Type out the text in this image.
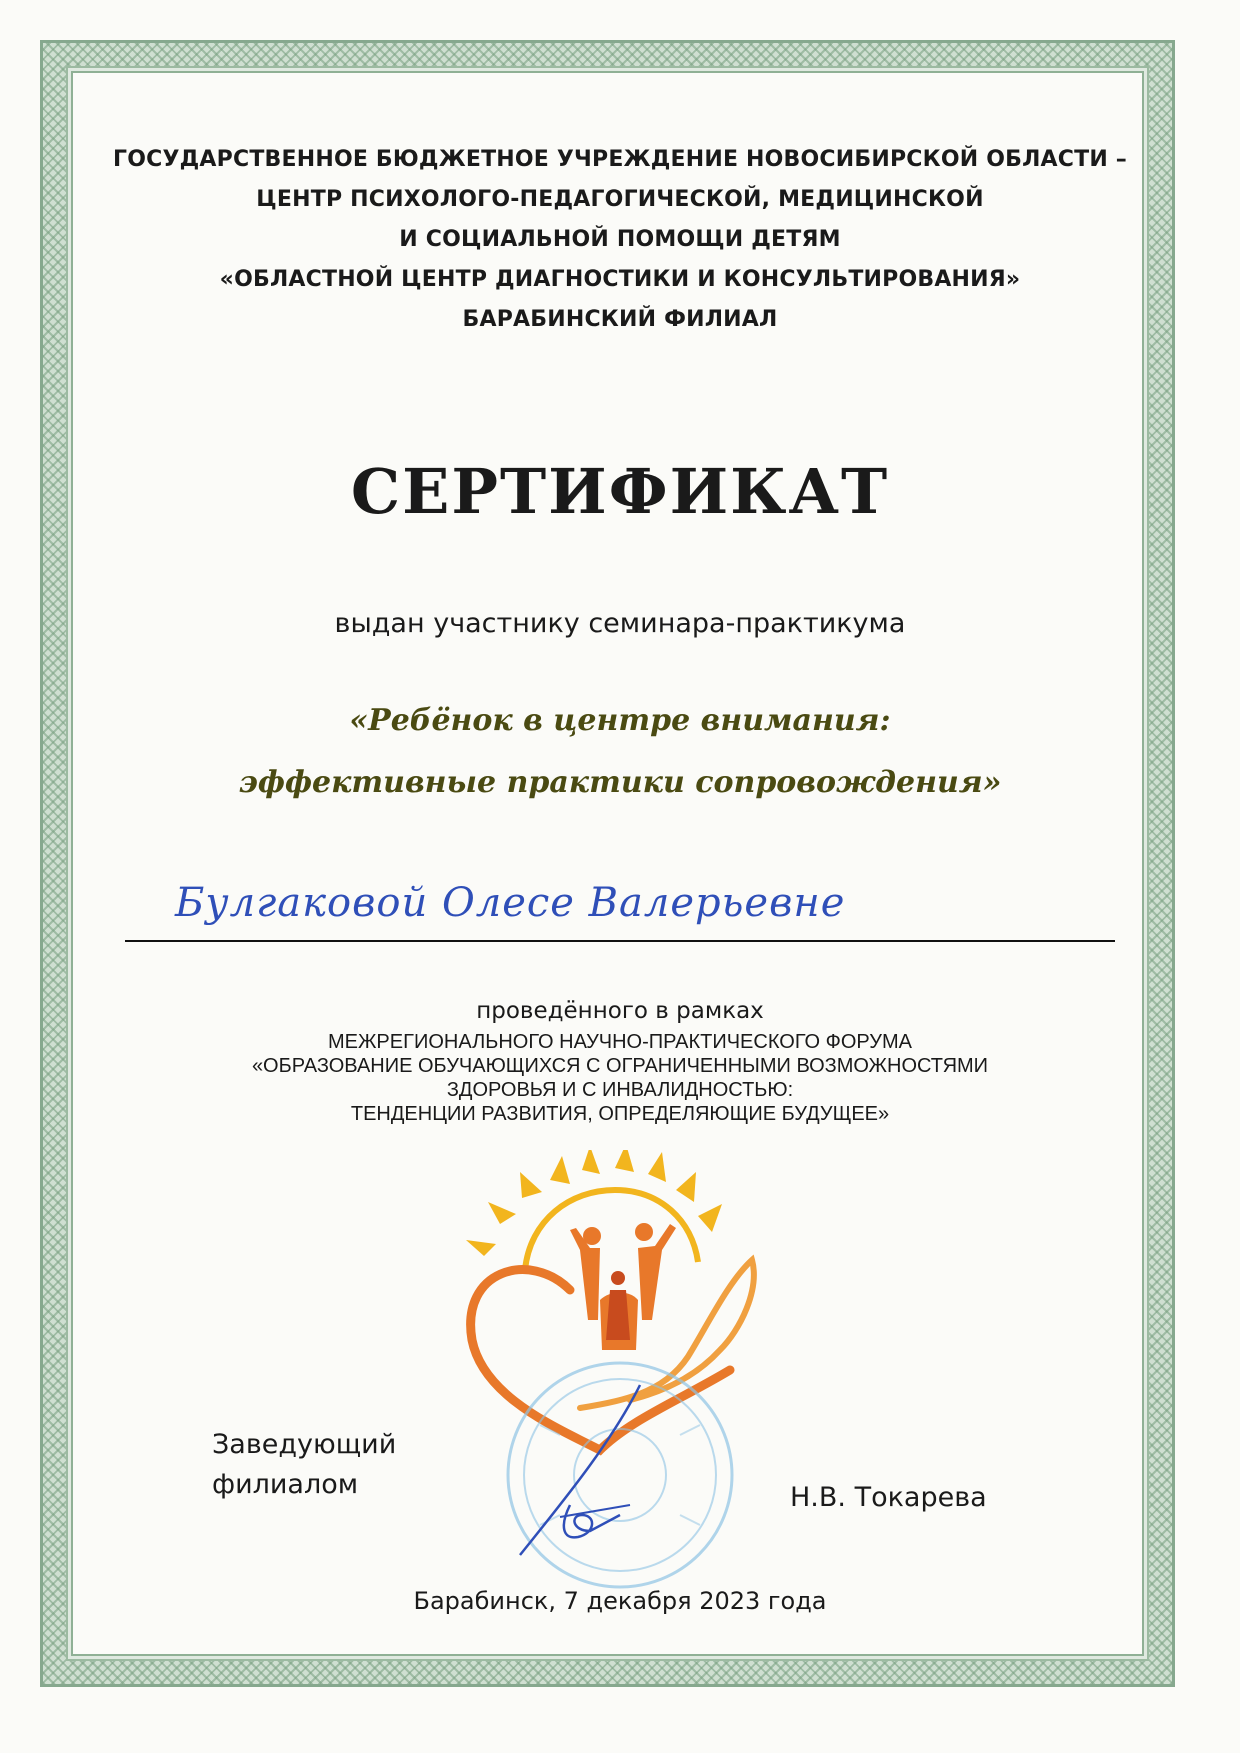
ГОСУДАРСТВЕННОЕ БЮДЖЕТНОЕ УЧРЕЖДЕНИЕ НОВОСИБИРСКОЙ ОБЛАСТИ –
ЦЕНТР ПСИХОЛОГО-ПЕДАГОГИЧЕСКОЙ, МЕДИЦИНСКОЙ
И СОЦИАЛЬНОЙ ПОМОЩИ ДЕТЯМ
«ОБЛАСТНОЙ ЦЕНТР ДИАГНОСТИКИ И КОНСУЛЬТИРОВАНИЯ»
БАРАБИНСКИЙ ФИЛИАЛ
СЕРТИФИКАТ
выдан участнику семинара-практикума
«Ребёнок в центре внимания:
эффективные практики сопровождения»
Булгаковой Олесе Валерьевне
проведённого в рамках
МЕЖРЕГИОНАЛЬНОГО НАУЧНО-ПРАКТИЧЕСКОГО ФОРУМА
«ОБРАЗОВАНИЕ ОБУЧАЮЩИХСЯ С ОГРАНИЧЕННЫМИ ВОЗМОЖНОСТЯМИ
ЗДОРОВЬЯ И С ИНВАЛИДНОСТЬЮ:
ТЕНДЕНЦИИ РАЗВИТИЯ, ОПРЕДЕЛЯЮЩИЕ БУДУЩЕЕ»
Заведующий
филиалом	Н.В. Токарева
Барабинск, 7 декабря 2023 года
